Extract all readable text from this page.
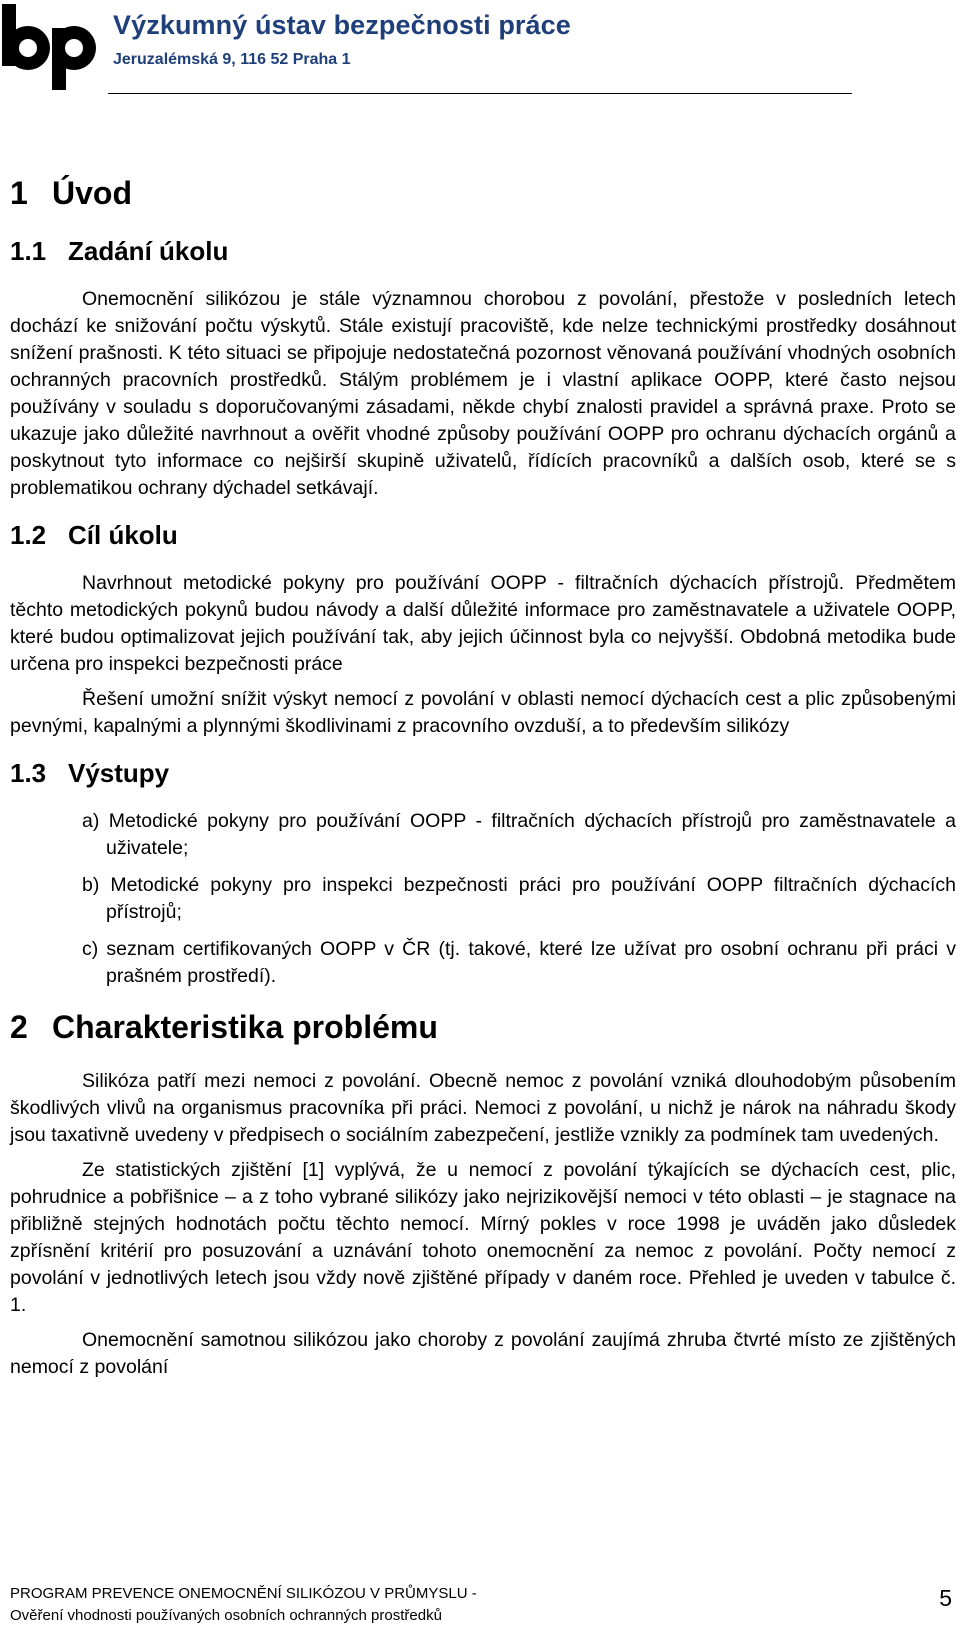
Výzkumný ústav bezpečnosti práce
Jeruzalémská 9, 116 52 Praha 1
1 Úvod
1.1 Zadání úkolu

Onemocnění silikózou je stále významnou chorobou z povolání, přestože v posledních letech dochází ke snižování počtu výskytů. Stále existují pracoviště, kde nelze technickými prostředky dosáhnout snížení prašnosti. K této situaci se připojuje nedostatečná pozornost věnovaná používání vhodných osobních ochranných pracovních prostředků. Stálým problémem je i vlastní aplikace OOPP, které často nejsou používány v souladu s doporučovanými zásadami, někde chybí znalosti pravidel a správná praxe. Proto se ukazuje jako důležité navrhnout a ověřit vhodné způsoby používání OOPP pro ochranu dýchacích orgánů a poskytnout tyto informace co nejširší skupině uživatelů, řídících pracovníků a dalších osob, které se s problematikou ochrany dýchadel setkávají.

1.2 Cíl úkolu

Navrhnout metodické pokyny pro používání OOPP - filtračních dýchacích přístrojů. Předmětem těchto metodických pokynů budou návody a další důležité informace pro zaměstnavatele a uživatele OOPP, které budou optimalizovat jejich používání tak, aby jejich účinnost byla co nejvyšší. Obdobná metodika bude určena pro inspekci bezpečnosti práce

Řešení umožní snížit výskyt nemocí z povolání v oblasti nemocí dýchacích cest a plic způsobenými pevnými, kapalnými a plynnými škodlivinami z pracovního ovzduší, a to především silikózy

1.3 Výstupy
a) Metodické pokyny pro používání OOPP - filtračních dýchacích přístrojů pro zaměstnavatele a uživatele;
b) Metodické pokyny pro inspekci bezpečnosti práci pro používání OOPP filtračních dýchacích přístrojů;
c) seznam certifikovaných OOPP v ČR (tj. takové, které lze užívat pro osobní ochranu při práci v prašném prostředí).
2 Charakteristika problému

Silikóza patří mezi nemoci z povolání. Obecně nemoc z povolání vzniká dlouhodobým působením škodlivých vlivů na organismus pracovníka při práci. Nemoci z povolání, u nichž je nárok na náhradu škody jsou taxativně uvedeny v předpisech o sociálním zabezpečení, jestliže vznikly za podmínek tam uvedených.

Ze statistických zjištění [1] vyplývá, že u nemocí z povolání týkajících se dýchacích cest, plic, pohrudnice a pobřišnice – a z toho vybrané silikózy jako nejrizikovější nemoci v této oblasti – je stagnace na přibližně stejných hodnotách počtu těchto nemocí. Mírný pokles v roce 1998 je uváděn jako důsledek zpřísnění kritérií pro posuzování a uznávání tohoto onemocnění za nemoc z povolání. Počty nemocí z povolání v jednotlivých letech jsou vždy nově zjištěné případy v daném roce. Přehled je uveden v tabulce č. 1.

Onemocnění samotnou silikózou jako choroby z povolání zaujímá zhruba čtvrté místo ze zjištěných nemocí z povolání

PROGRAM PREVENCE ONEMOCNĚNÍ SILIKÓZOU V PRŮMYSLU -
Ověření vhodnosti používaných osobních ochranných prostředků
5
